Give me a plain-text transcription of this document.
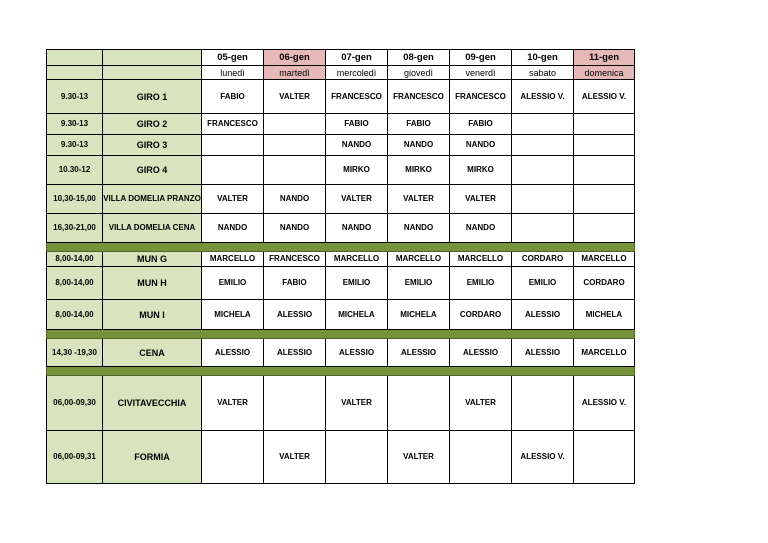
		05-gen	06-gen	07-gen	08-gen	09-gen	10-gen	11-gen
		lunedì	martedì	mercoledì	giovedì	venerdì	sabato	domenica
9.30-13	GIRO 1	FABIO	VALTER	FRANCESCO	FRANCESCO	FRANCESCO	ALESSIO V.	ALESSIO V.
9.30-13	GIRO 2	FRANCESCO		FABIO	FABIO	FABIO		
9.30-13	GIRO 3			NANDO	NANDO	NANDO		
10.30-12	GIRO 4			MIRKO	MIRKO	MIRKO		
10,30-15,00	VILLA DOMELIA PRANZO	VALTER	NANDO	VALTER	VALTER	VALTER		
16,30-21,00	VILLA DOMELIA CENA	NANDO	NANDO	NANDO	NANDO	NANDO		

8,00-14,00	MUN G	MARCELLO	FRANCESCO	MARCELLO	MARCELLO	MARCELLO	CORDARO	MARCELLO
8,00-14,00	MUN H	EMILIO	FABIO	EMILIO	EMILIO	EMILIO	EMILIO	CORDARO
8,00-14,00	MUN I	MICHELA	ALESSIO	MICHELA	MICHELA	CORDARO	ALESSIO	MICHELA

14,30 -19,30	CENA	ALESSIO	ALESSIO	ALESSIO	ALESSIO	ALESSIO	ALESSIO	MARCELLO

06,00-09,30	CIVITAVECCHIA	VALTER		VALTER		VALTER		ALESSIO V.
06,00-09,31	FORMIA		VALTER		VALTER		ALESSIO V.	
